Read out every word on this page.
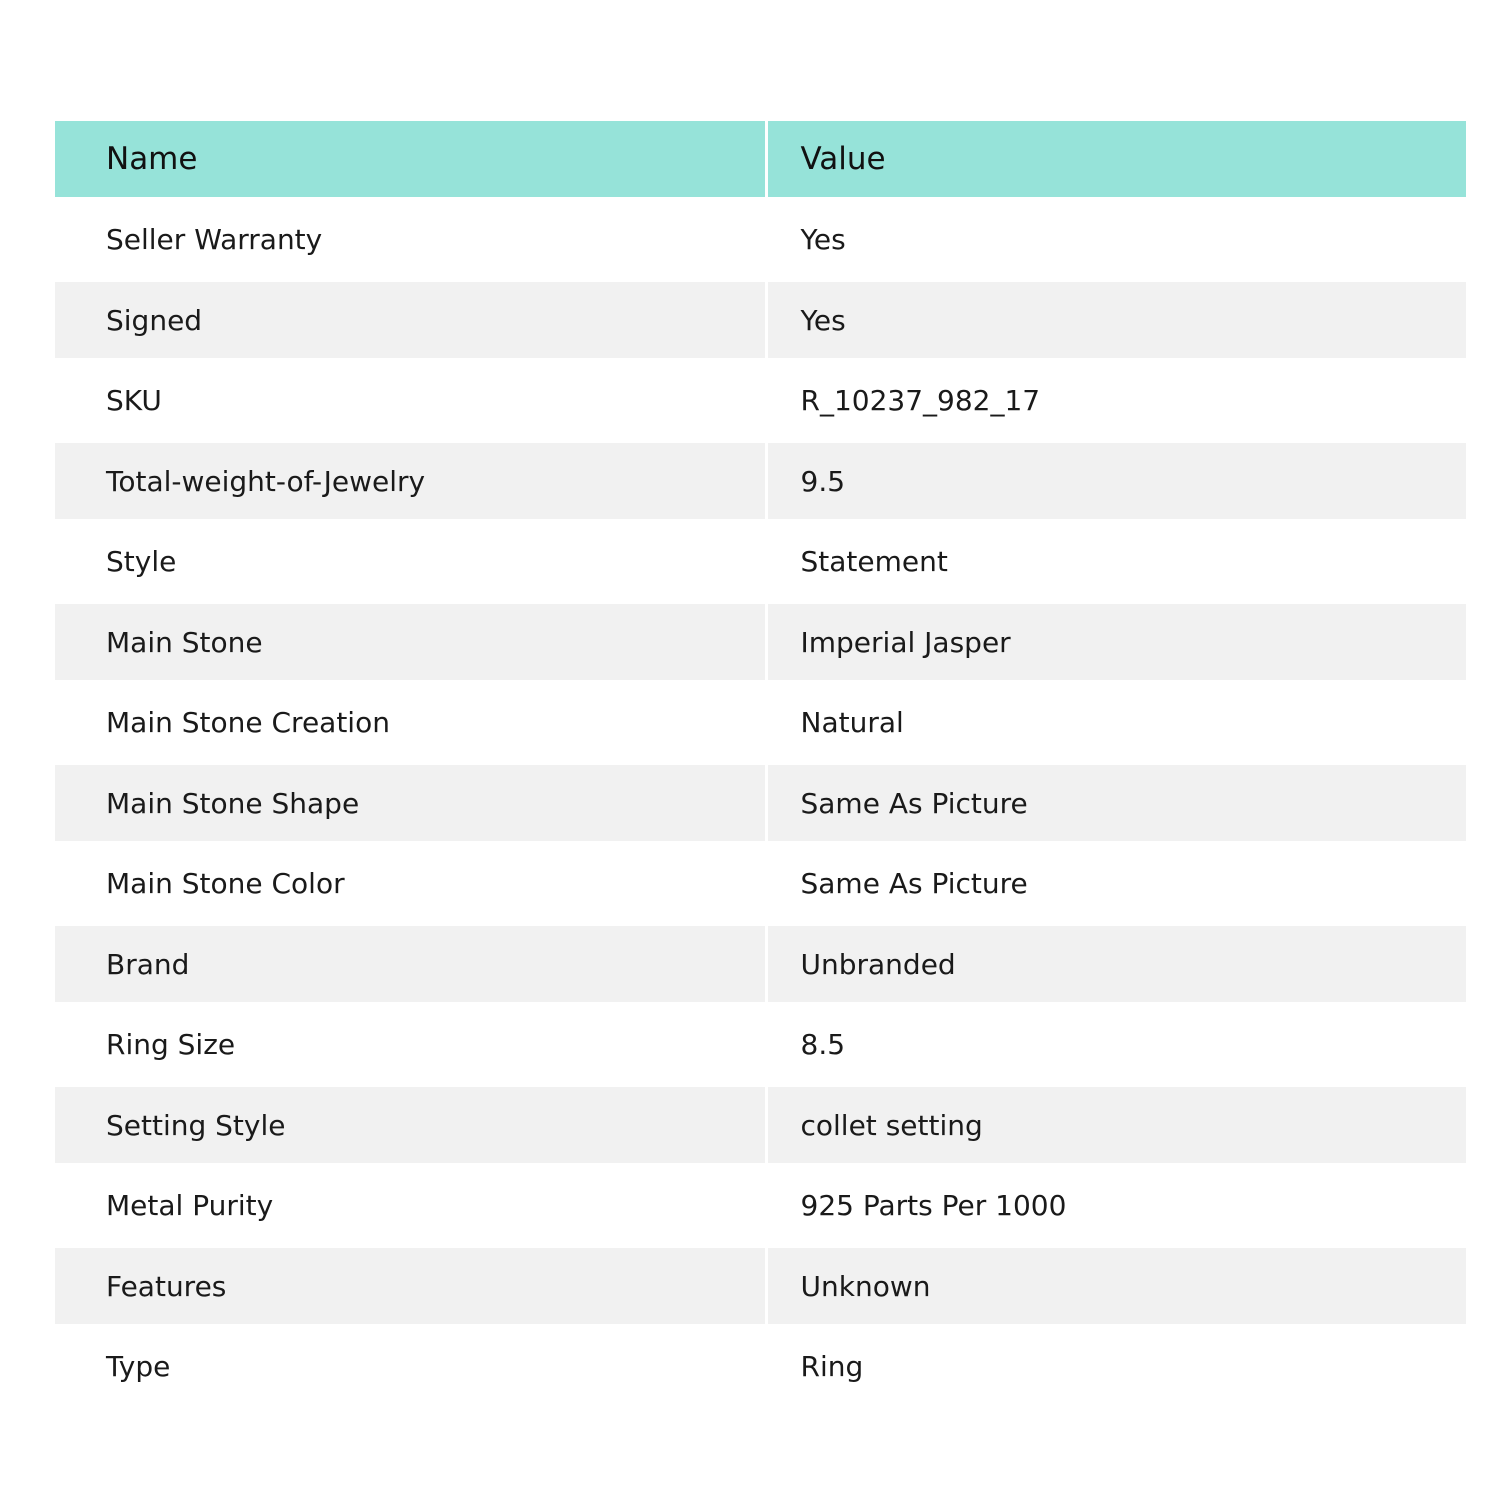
Name	Value
Seller Warranty	Yes
Signed	Yes
SKU	R_10237_982_17
Total-weight-of-Jewelry	9.5
Style	Statement
Main Stone	Imperial Jasper
Main Stone Creation	Natural
Main Stone Shape	Same As Picture
Main Stone Color	Same As Picture
Brand	Unbranded
Ring Size	8.5
Setting Style	collet setting
Metal Purity	925 Parts Per 1000
Features	Unknown
Type	Ring
